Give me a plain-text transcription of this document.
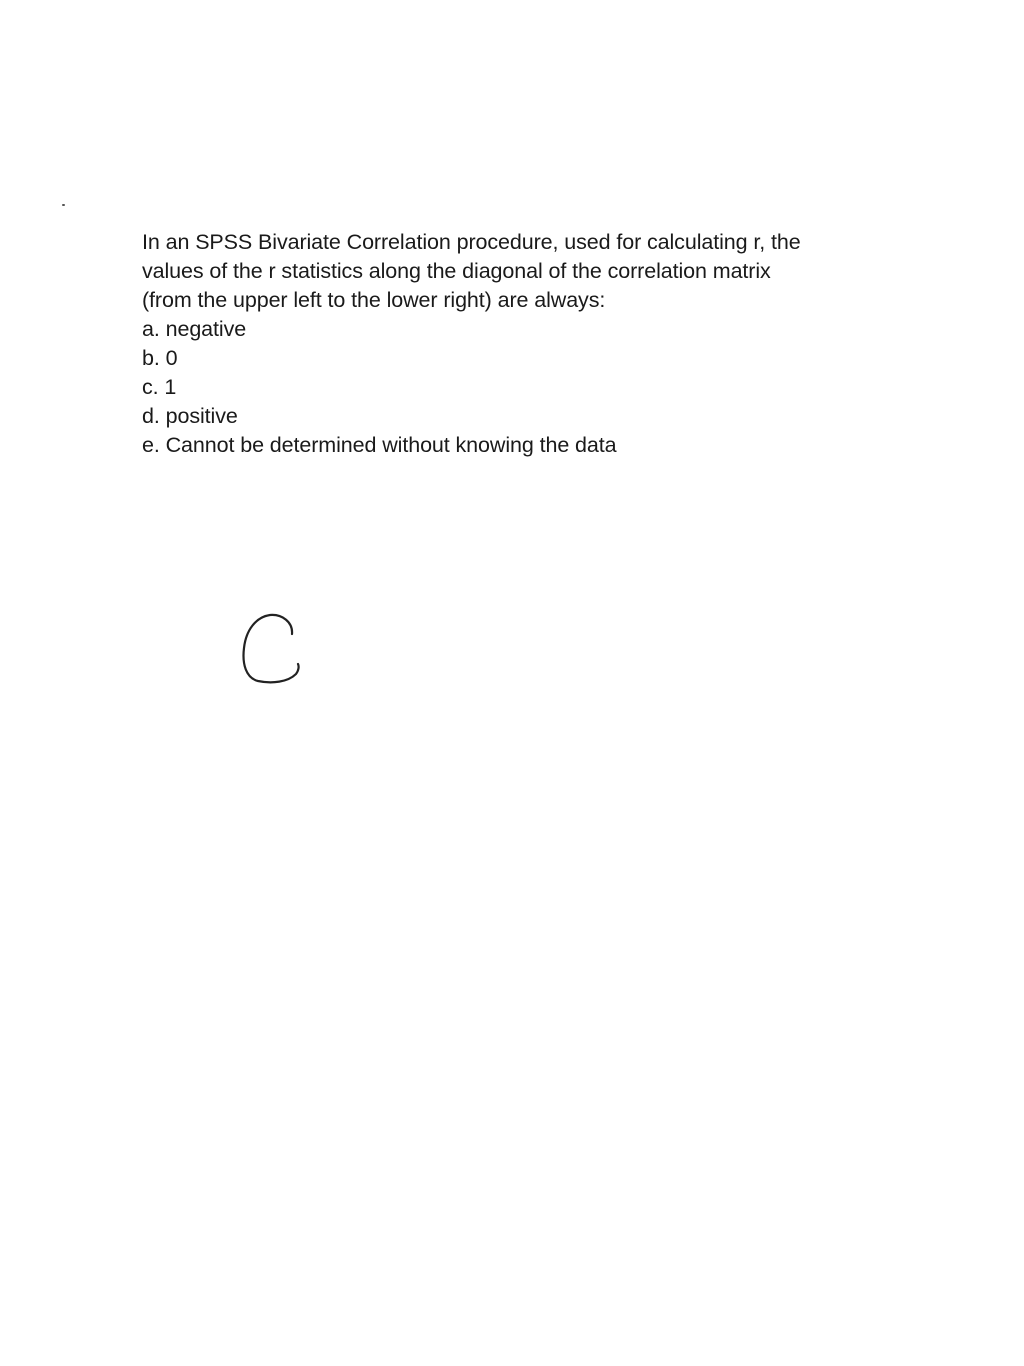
In an SPSS Bivariate Correlation procedure, used for calculating r, the values of the r statistics along the diagonal of the correlation matrix (from the upper left to the lower right) are always:

a. negative
b. 0
c. 1
d. positive
e. Cannot be determined without knowing the data
